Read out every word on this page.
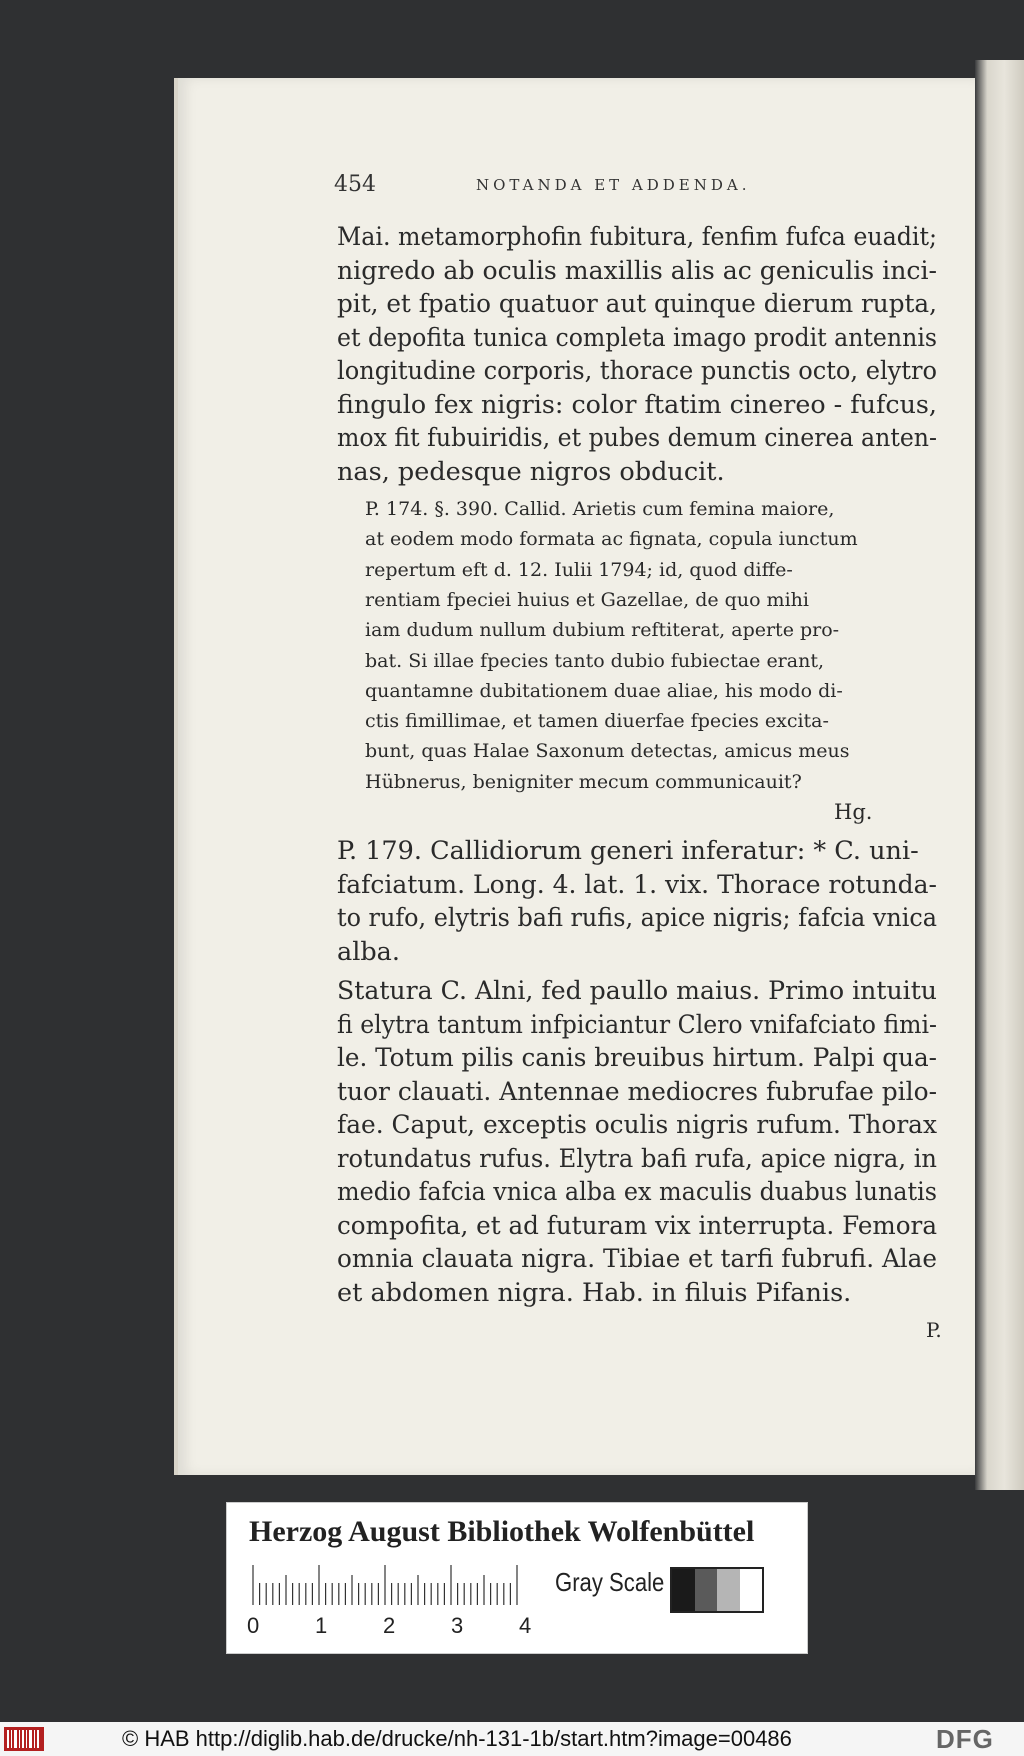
454	NOTANDA ET ADDENDA.
Mai. metamorphofin fubitura, fenfim fufca euadit;
nigredo ab oculis maxillis alis ac geniculis inci-
pit, et fpatio quatuor aut quinque dierum rupta,
et depofita tunica completa imago prodit antennis
longitudine corporis, thorace punctis octo, elytro
fingulo fex nigris: color ftatim cinereo - fufcus,
mox fit fubuiridis, et pubes demum cinerea anten-
nas, pedesque nigros obducit.
P. 174. §. 390. Callid. Arietis cum femina maiore,
at eodem modo formata ac fignata, copula iunctum
repertum eft d. 12. Iulii 1794; id, quod diffe-
rentiam fpeciei huius et Gazellae, de quo mihi
iam dudum nullum dubium reftiterat, aperte pro-
bat. Si illae fpecies tanto dubio fubiectae erant,
quantamne dubitationem duae aliae, his modo di-
ctis fimillimae, et tamen diuerfae fpecies excita-
bunt, quas Halae Saxonum detectas, amicus meus
Hübnerus, benigniter mecum communicauit?
Hg.
P. 179. Callidiorum generi inferatur: * C. uni-
fafciatum. Long. 4. lat. 1. vix. Thorace rotunda-
to rufo, elytris bafi rufis, apice nigris; fafcia vnica
alba.
Statura C. Alni, fed paullo maius. Primo intuitu
fi elytra tantum infpiciantur Clero vnifafciato fimi-
le. Totum pilis canis breuibus hirtum. Palpi qua-
tuor clauati. Antennae mediocres fubrufae pilo-
fae. Caput, exceptis oculis nigris rufum. Thorax
rotundatus rufus. Elytra bafi rufa, apice nigra, in
medio fafcia vnica alba ex maculis duabus lunatis
compofita, et ad futuram vix interrupta. Femora
omnia clauata nigra. Tibiae et tarfi fubrufi. Alae
et abdomen nigra. Hab. in filuis Pifanis.
P.
Herzog August Bibliothek Wolfenbüttel
0	1	2	3	4
Gray Scale
© HAB http://diglib.hab.de/drucke/nh-131-1b/start.htm?image=00486	DFG
